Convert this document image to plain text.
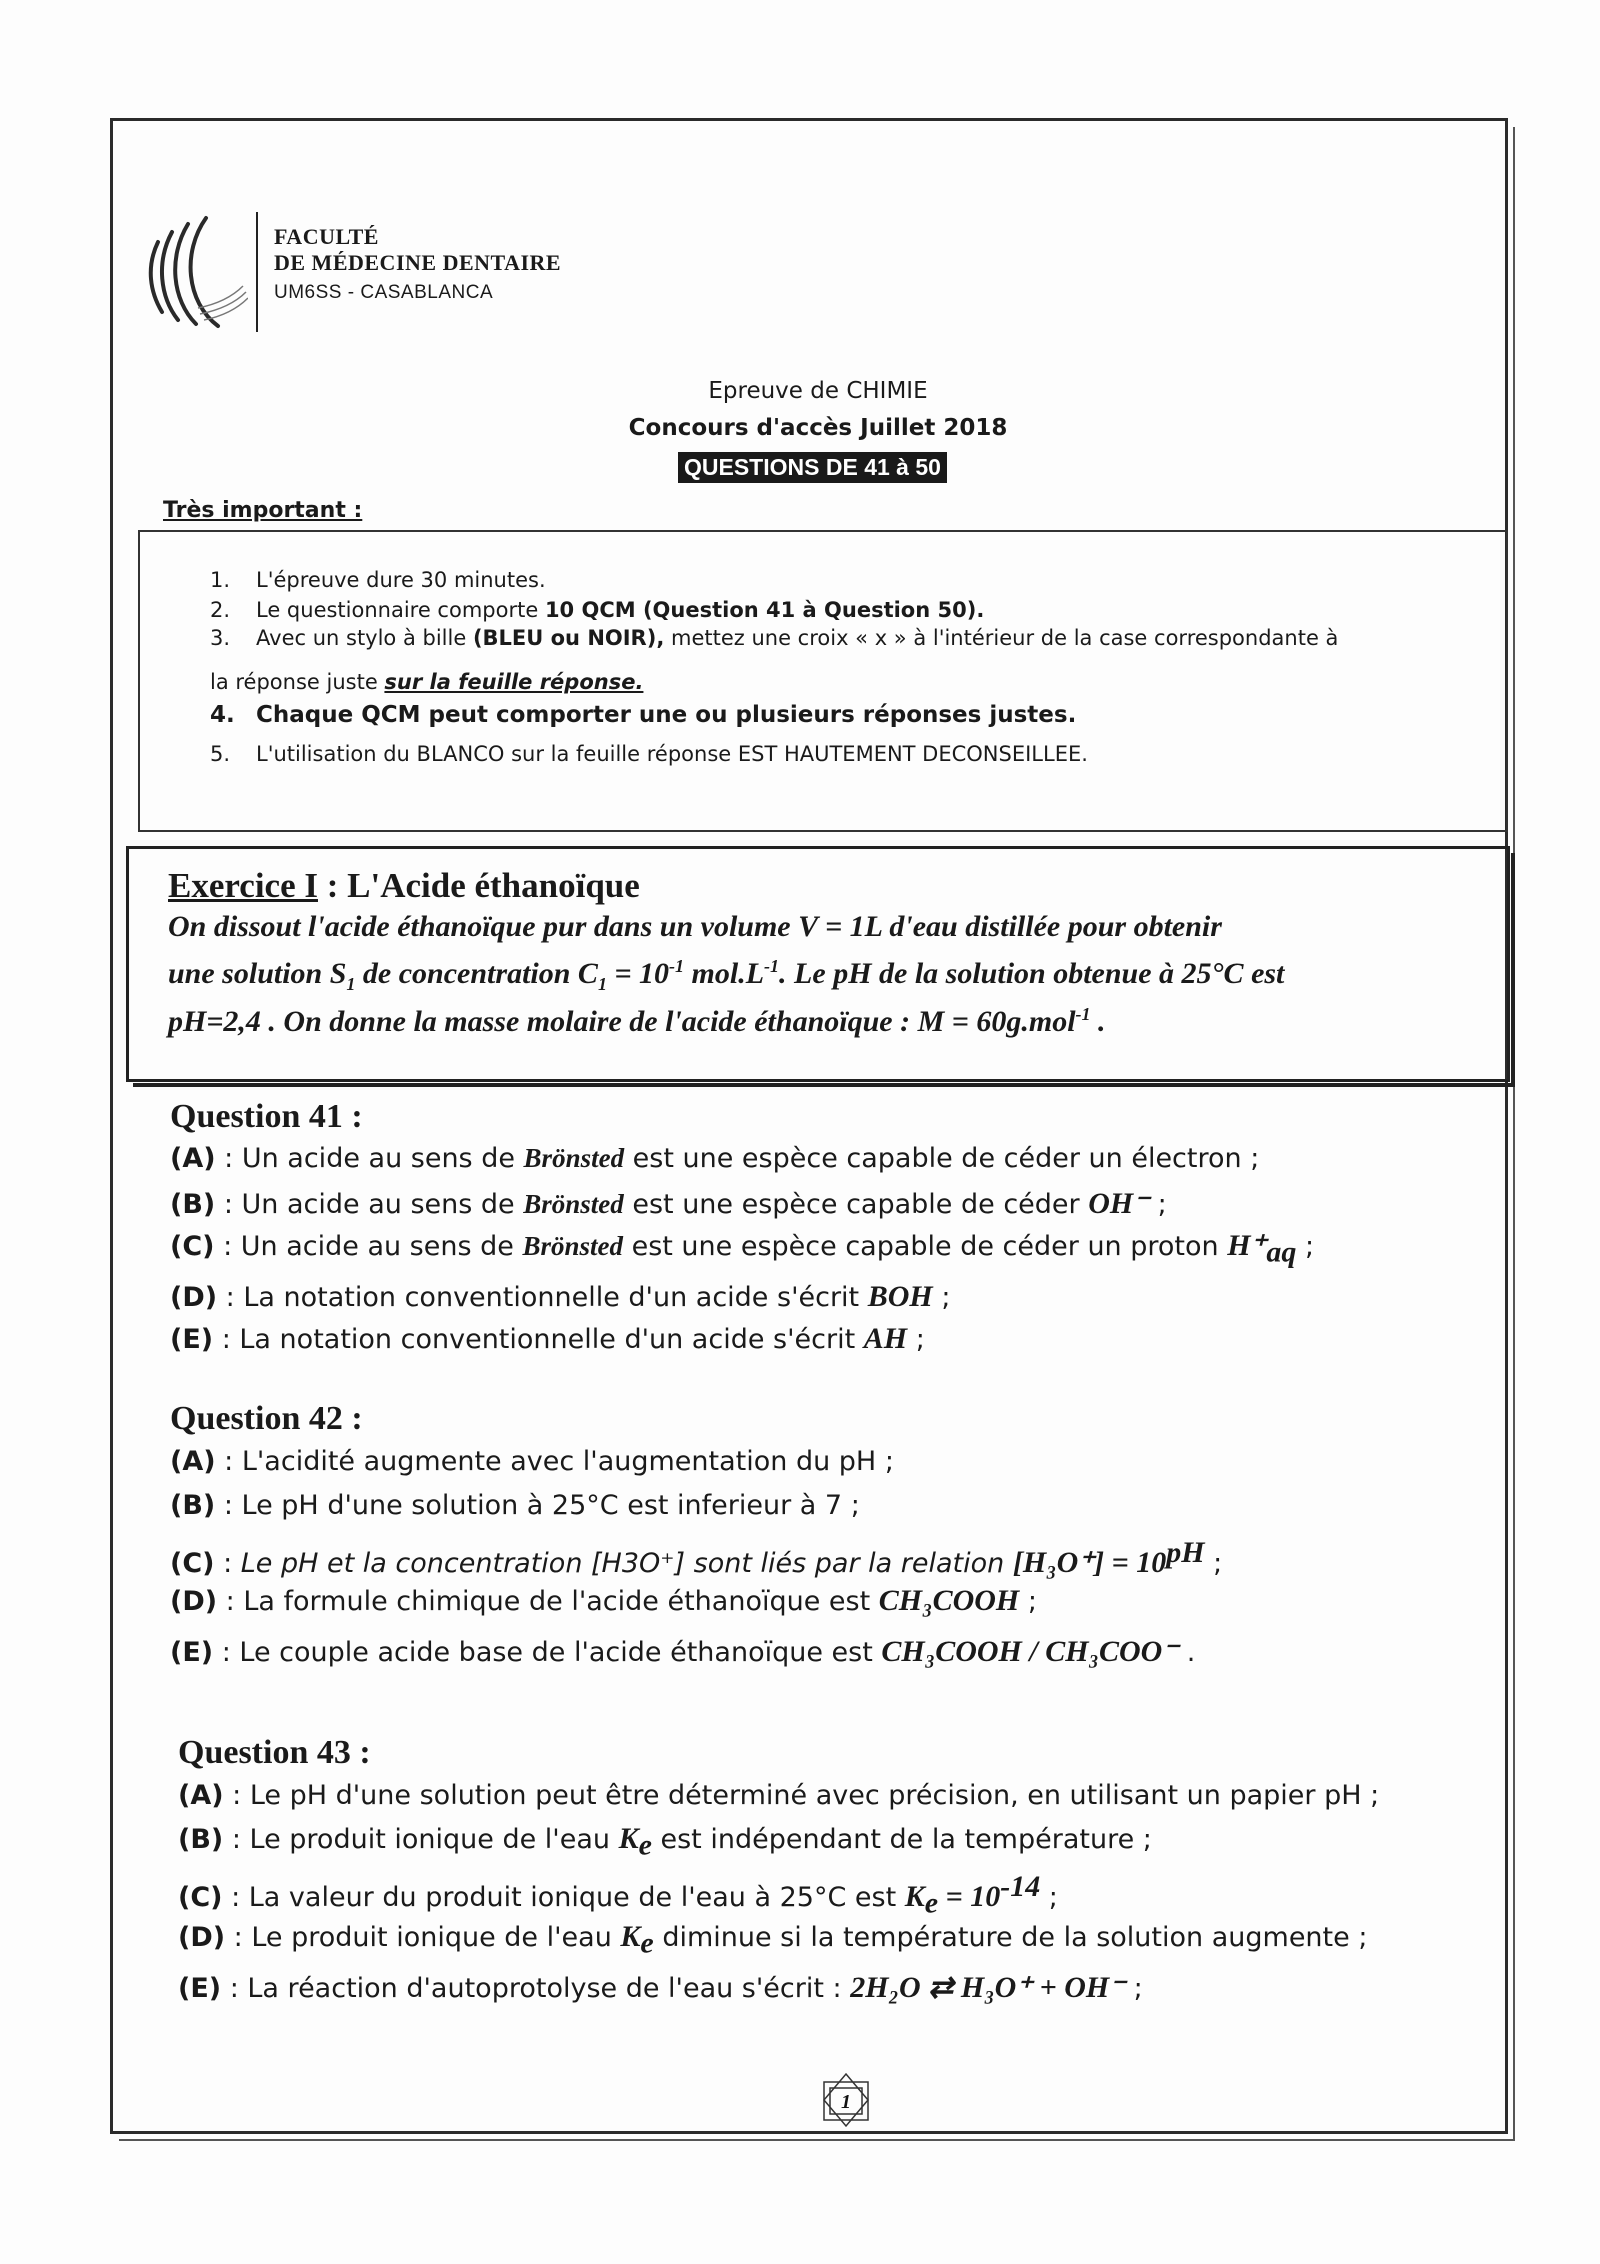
FACULTÉ
DE MÉDECINE DENTAIRE
UM6SS - CASABLANCA
Epreuve de CHIMIE
Concours d'accès Juillet 2018
QUESTIONS DE 41 à 50
Très important :
1. L'épreuve dure 30 minutes.
2. Le questionnaire comporte 10 QCM (Question 41 à Question 50).
3. Avec un stylo à bille (BLEU ou NOIR), mettez une croix « x » à l'intérieur de la case correspondante à
la réponse juste sur la feuille réponse.
4. Chaque QCM peut comporter une ou plusieurs réponses justes.
5. L'utilisation du BLANCO sur la feuille réponse EST HAUTEMENT DECONSEILLEE.
Exercice I : L'Acide éthanoïque
On dissout l'acide éthanoïque pur dans un volume V = 1L d'eau distillée pour obtenir
une solution $S_1$ de concentration $C_1 = 10^{-1}$ $mol.L^{-1}$. Le pH de la solution obtenue à 25°C est
pH=2,4 . On donne la masse molaire de l'acide éthanoïque : M = 60g.mol$^{-1}$ .
Question 41 :
(A) : Un acide au sens de Brönsted est une espèce capable de céder un électron ;
(B) : Un acide au sens de Brönsted est une espèce capable de céder OH⁻ ;
(C) : Un acide au sens de Brönsted est une espèce capable de céder un proton $H^+_{aq}$ ;
(D) : La notation conventionnelle d'un acide s'écrit BOH ;
(E) : La notation conventionnelle d'un acide s'écrit AH ;
Question 42 :
(A) : L'acidité augmente avec l'augmentation du pH ;
(B) : Le pH d'une solution à 25°C est inferieur à 7 ;
(C) : Le pH et la concentration [H3O⁺] sont liés par la relation $[H_3O^+] = 10^{pH}$ ;
(D) : La formule chimique de l'acide éthanoïque est CH₃COOH ;
(E) : Le couple acide base de l'acide éthanoïque est CH₃COOH / CH₃COO⁻ .
Question 43 :
(A) : Le pH d'une solution peut être déterminé avec précision, en utilisant un papier pH ;
(B) : Le produit ionique de l'eau $K_e$ est indépendant de la température ;
(C) : La valeur du produit ionique de l'eau à 25°C est $K_e = 10^{-14}$ ;
(D) : Le produit ionique de l'eau $K_e$ diminue si la température de la solution augmente ;
(E) : La réaction d'autoprotolyse de l'eau s'écrit : 2H₂O ⇄ H₃O⁺ + OH⁻ ;
1
